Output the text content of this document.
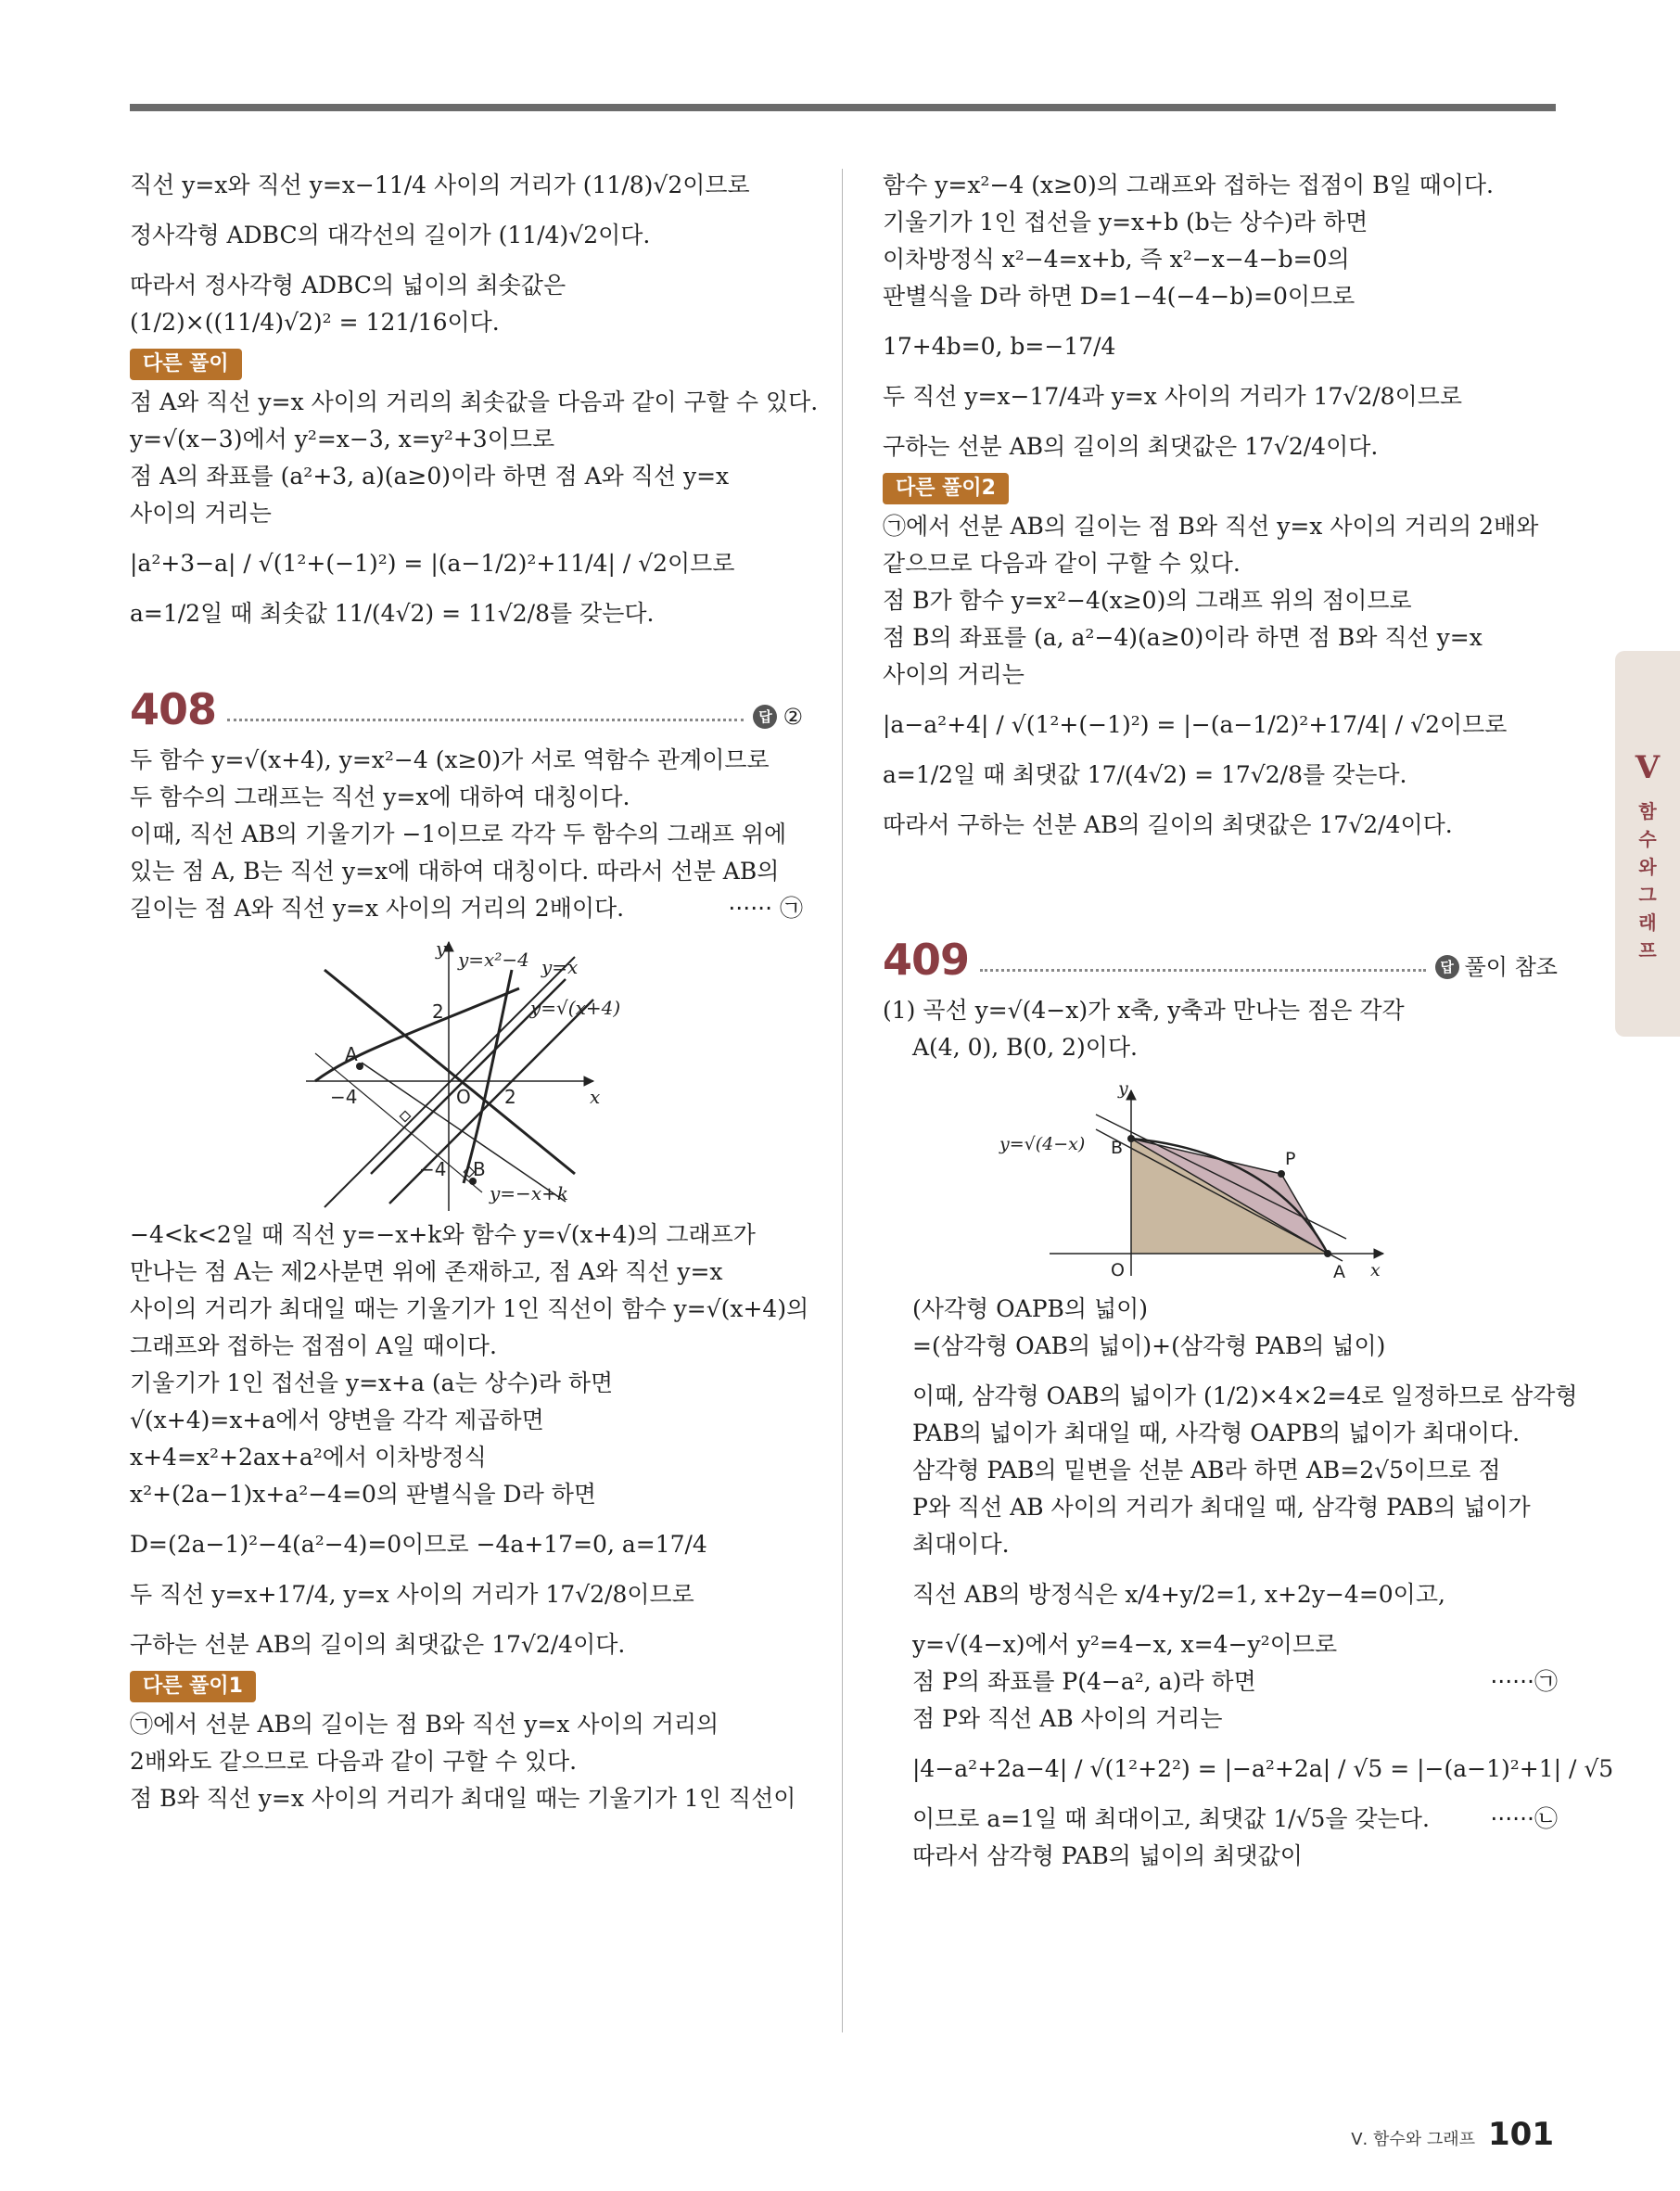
직선 y=x와 직선 y=x−11/4 사이의 거리가 (11/8)√2이므로
정사각형 ADBC의 대각선의 길이가 (11/4)√2이다.
따라서 정사각형 ADBC의 넓이의 최솟값은
(1/2)×((11/4)√2)² = 121/16이다.
다른 풀이
점 A와 직선 y=x 사이의 거리의 최솟값을 다음과 같이 구할 수 있다.
y=√(x−3)에서 y²=x−3, x=y²+3이므로
점 A의 좌표를 (a²+3, a)(a≥0)이라 하면 점 A와 직선 y=x
사이의 거리는
|a²+3−a| / √(1²+(−1)²) = |(a−1/2)²+11/4| / √2이므로
a=1/2일 때 최솟값 11/(4√2) = 11√2/8를 갖는다.
408	답 ②
두 함수 y=√(x+4), y=x²−4 (x≥0)가 서로 역함수 관계이므로
두 함수의 그래프는 직선 y=x에 대하여 대칭이다.
이때, 직선 AB의 기울기가 −1이므로 각각 두 함수의 그래프 위에
있는 점 A, B는 직선 y=x에 대하여 대칭이다. 따라서 선분 AB의
길이는 점 A와 직선 y=x 사이의 거리의 2배이다.	······ ㉠
y
x
y=x²−4 y=x
y=√(x+4)
y=−x+k
O
A
B
2
2
−4
−4
−4<k<2일 때 직선 y=−x+k와 함수 y=√(x+4)의 그래프가
만나는 점 A는 제2사분면 위에 존재하고, 점 A와 직선 y=x
사이의 거리가 최대일 때는 기울기가 1인 직선이 함수 y=√(x+4)의
그래프와 접하는 접점이 A일 때이다.
기울기가 1인 접선을 y=x+a (a는 상수)라 하면
√(x+4)=x+a에서 양변을 각각 제곱하면
x+4=x²+2ax+a²에서 이차방정식
x²+(2a−1)x+a²−4=0의 판별식을 D라 하면
D=(2a−1)²−4(a²−4)=0이므로 −4a+17=0, a=17/4
두 직선 y=x+17/4, y=x 사이의 거리가 17√2/8이므로
구하는 선분 AB의 길이의 최댓값은 17√2/4이다.
다른 풀이1
㉠에서 선분 AB의 길이는 점 B와 직선 y=x 사이의 거리의
2배와도 같으므로 다음과 같이 구할 수 있다.
점 B와 직선 y=x 사이의 거리가 최대일 때는 기울기가 1인 직선이
함수 y=x²−4 (x≥0)의 그래프와 접하는 접점이 B일 때이다.
기울기가 1인 접선을 y=x+b (b는 상수)라 하면
이차방정식 x²−4=x+b, 즉 x²−x−4−b=0의
판별식을 D라 하면 D=1−4(−4−b)=0이므로
17+4b=0, b=−17/4
두 직선 y=x−17/4과 y=x 사이의 거리가 17√2/8이므로
구하는 선분 AB의 길이의 최댓값은 17√2/4이다.
다른 풀이2
㉠에서 선분 AB의 길이는 점 B와 직선 y=x 사이의 거리의 2배와
같으므로 다음과 같이 구할 수 있다.
점 B가 함수 y=x²−4(x≥0)의 그래프 위의 점이므로
점 B의 좌표를 (a, a²−4)(a≥0)이라 하면 점 B와 직선 y=x
사이의 거리는
|a−a²+4| / √(1²+(−1)²) = |−(a−1/2)²+17/4| / √2이므로
a=1/2일 때 최댓값 17/(4√2) = 17√2/8를 갖는다.
따라서 구하는 선분 AB의 길이의 최댓값은 17√2/4이다.
409	답 풀이 참조
(1) 곡선 y=√(4−x)가 x축, y축과 만나는 점은 각각
A(4, 0), B(0, 2)이다.
y
x
y=√(4−x)
O
B
P
A
(사각형 OAPB의 넓이)
=(삼각형 OAB의 넓이)+(삼각형 PAB의 넓이)
이때, 삼각형 OAB의 넓이가 (1/2)×4×2=4로 일정하므로 삼각형
PAB의 넓이가 최대일 때, 사각형 OAPB의 넓이가 최대이다.
삼각형 PAB의 밑변을 선분 AB라 하면 AB=2√5이므로 점
P와 직선 AB 사이의 거리가 최대일 때, 삼각형 PAB의 넓이가
최대이다.
직선 AB의 방정식은 x/4+y/2=1, x+2y−4=0이고,
y=√(4−x)에서 y²=4−x, x=4−y²이므로
점 P의 좌표를 P(4−a², a)라 하면	······㉠
점 P와 직선 AB 사이의 거리는
|4−a²+2a−4| / √(1²+2²) = |−a²+2a| / √5 = |−(a−1)²+1| / √5
이므로 a=1일 때 최대이고, 최댓값 1/√5을 갖는다.	······㉡
따라서 삼각형 PAB의 넓이의 최댓값이
V
함
수
와
그
래
프
Ⅴ. 함수와 그래프 101
